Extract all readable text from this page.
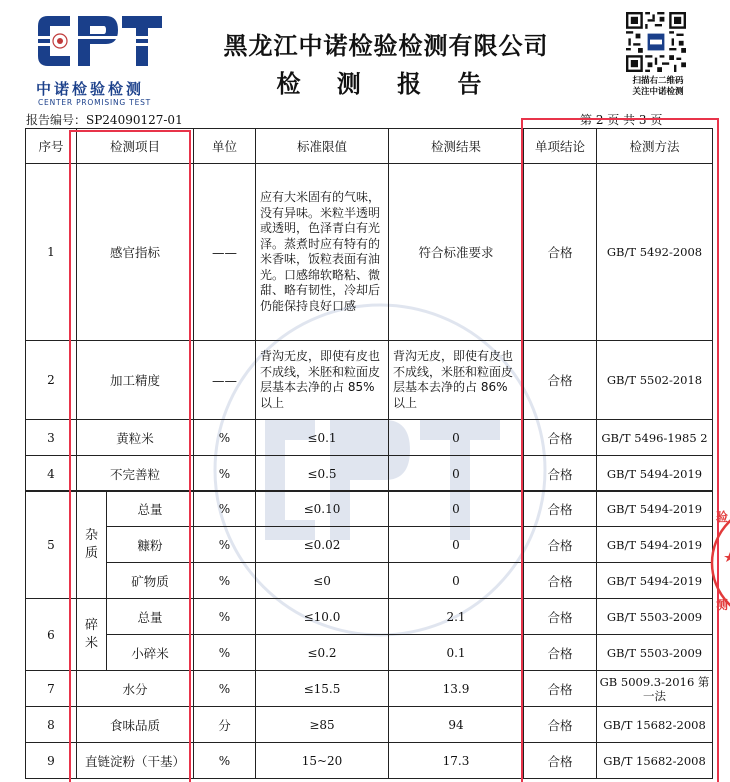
中诺检验检测
CENTER PROMISING TEST
黑龙江中诺检验检测有限公司
检 测 报 告	扫描右二维码
关注中诺检测
报告编号：SP24090127-01	第 2 页 共 3 页
序号	检测项目	单位	标准限值	检测结果	单项结论	检测方法
1	感官指标	——	应有大米固有的气味，没有异味。米粒半透明或透明，色泽青白有光泽。蒸煮时应有特有的米香味，饭粒表面有油光。口感绵软略粘、微甜、略有韧性，冷却后仍能保持良好口感	符合标准要求	合格	GB/T 5492-2008
2	加工精度	——	背沟无皮，即使有皮也不成线，米胚和粒面皮层基本去净的占 85%以上	背沟无皮，即使有皮也不成线，米胚和粒面皮层基本去净的占 86%以上	合格	GB/T 5502-2018
3	黄粒米	%	≤0.1	0	合格	GB/T 5496-1985 2
4	不完善粒	%	≤0.5	0	合格	GB/T 5494-2019
5	杂质	总量	%	≤0.10	0	合格	GB/T 5494-2019
		糠粉	%	≤0.02	0	合格	GB/T 5494-2019
		矿物质	%	≤0	0	合格	GB/T 5494-2019
6	碎米	总量	%	≤10.0	2.1	合格	GB/T 5503-2009
		小碎米	%	≤0.2	0.1	合格	GB/T 5503-2009
7	水分		%	≤15.5	13.9	合格	GB 5009.3-2016 第一法
8	食味品质		分	≥85	94	合格	GB/T 15682-2008
9	直链淀粉（干基）		%	15~20	17.3	合格	GB/T 15682-2008
验
测
